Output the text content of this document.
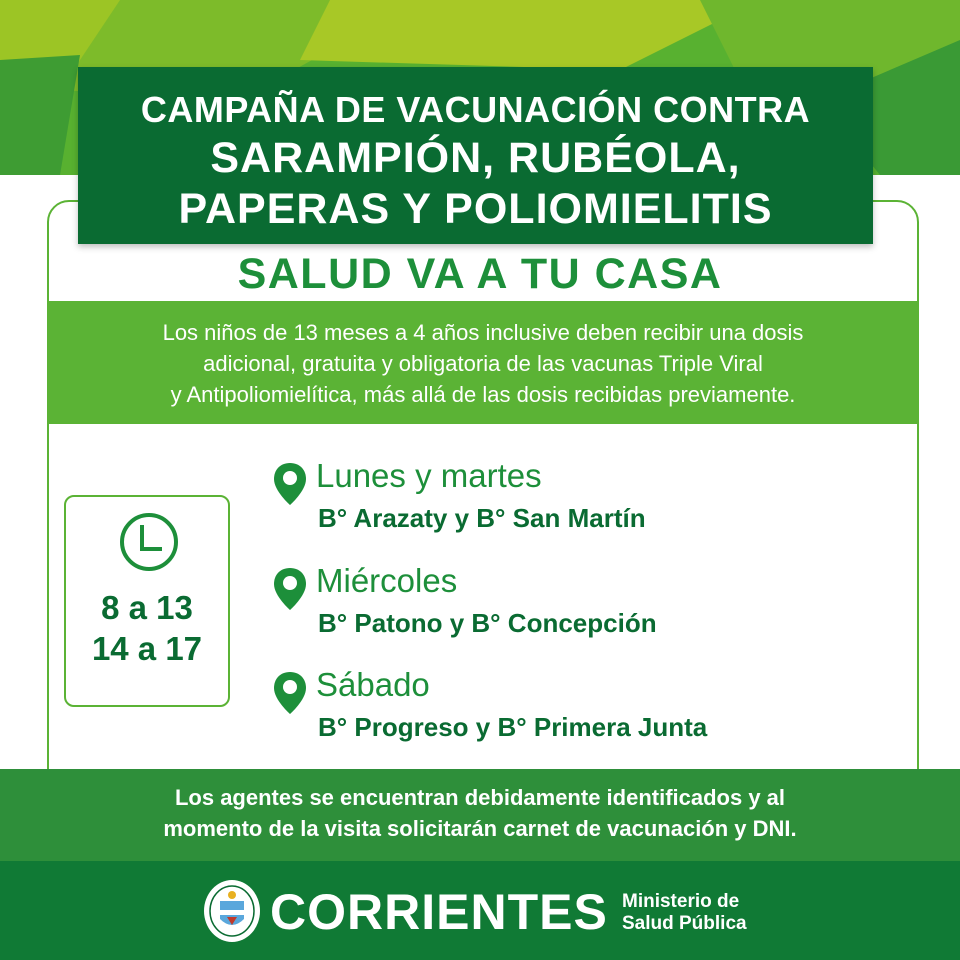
CAMPAÑA DE VACUNACIÓN CONTRA
SARAMPIÓN, RUBÉOLA,
PAPERAS Y POLIOMIELITIS
SALUD VA A TU CASA
Los niños de 13 meses a 4 años inclusive deben recibir una dosis
adicional, gratuita y obligatoria de las vacunas Triple Viral
y Antipoliomielítica, más allá de las dosis recibidas previamente.
8 a 13
14 a 17
Lunes y martes
B° Arazaty y B° San Martín
Miércoles
B° Patono y B° Concepción
Sábado
B° Progreso y B° Primera Junta
Los agentes se encuentran debidamente identificados y al
momento de la visita solicitarán carnet de vacunación y DNI.
CORRIENTES Ministerio de
Salud Pública
